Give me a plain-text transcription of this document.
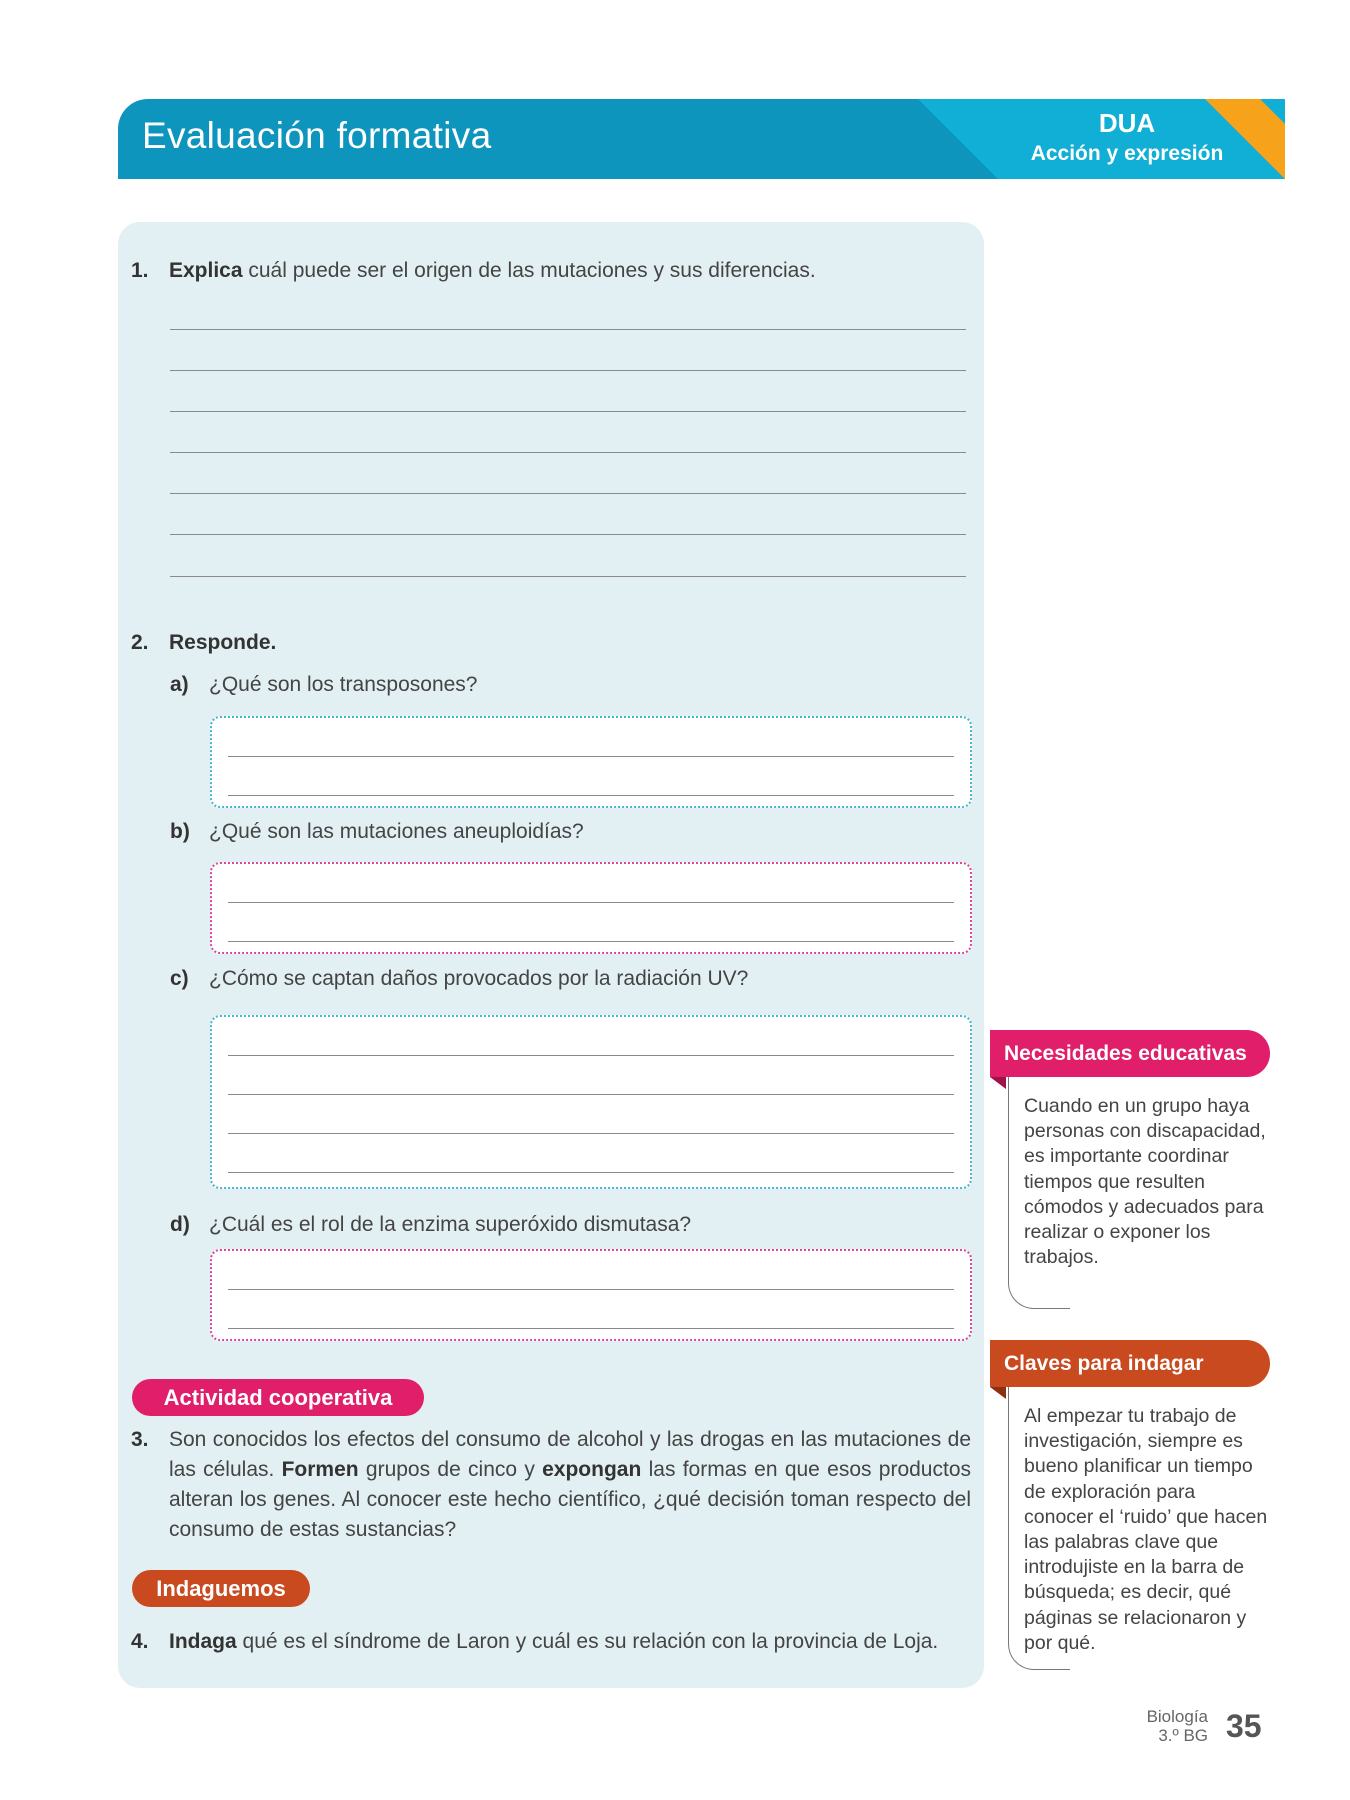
Evaluación formativa	DUA
Acción y expresión
1. Explica cuál puede ser el origen de las mutaciones y sus diferencias.
2. Responde.
a) ¿Qué son los transposones?
b) ¿Qué son las mutaciones aneuploidías?
c) ¿Cómo se captan daños provocados por la radiación UV?
d) ¿Cuál es el rol de la enzima superóxido dismutasa?
Actividad cooperativa
3. Son conocidos los efectos del consumo de alcohol y las drogas en las mutaciones de las células. Formen grupos de cinco y expongan las formas en que esos productos alteran los genes. Al conocer este hecho científico, ¿qué decisión toman respecto del consumo de estas sustancias?
Indaguemos
4. Indaga qué es el síndrome de Laron y cuál es su relación con la provincia de Loja.
Necesidades educativas
Cuando en un grupo haya personas con discapacidad, es importante coordinar tiempos que resulten cómodos y adecuados para realizar o exponer los trabajos.
Claves para indagar
Al empezar tu trabajo de investigación, siempre es bueno planificar un tiempo de exploración para conocer el ‘ruido’ que hacen las palabras clave que introdujiste en la barra de búsqueda; es decir, qué páginas se relacionaron y por qué.
Biología
3.º BG 35
